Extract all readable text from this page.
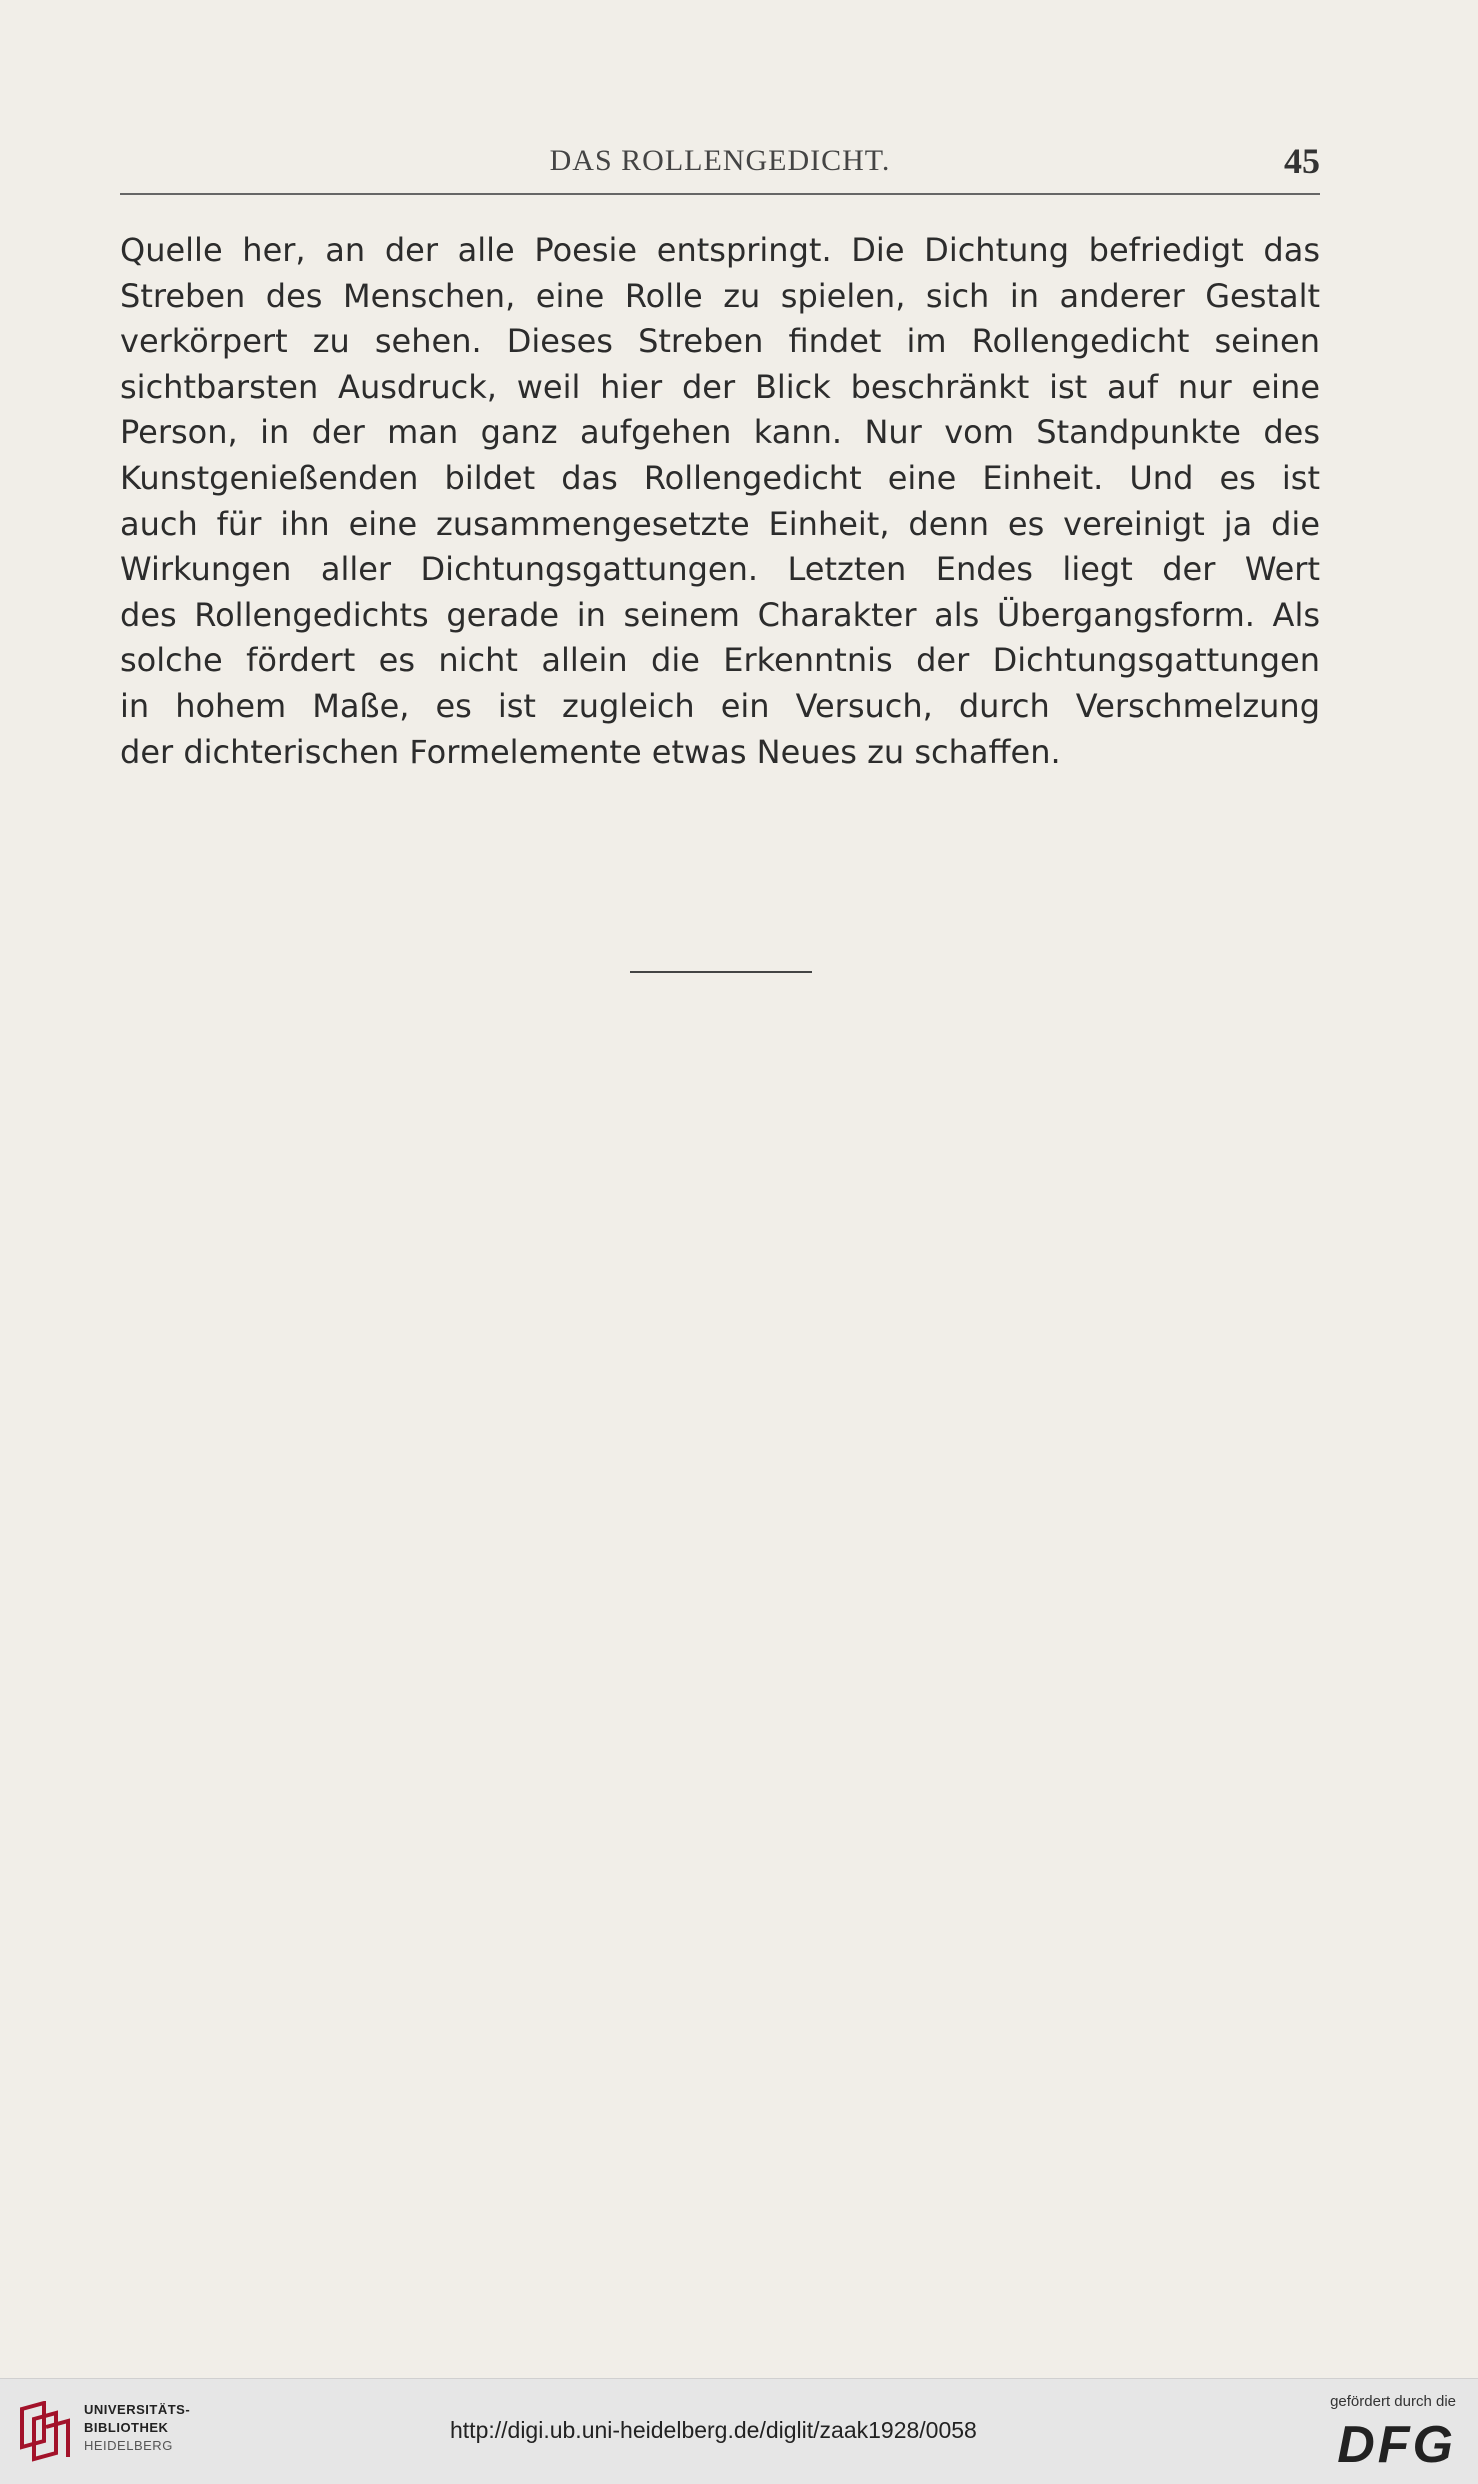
DAS ROLLENGEDICHT.	45
Quelle her, an der alle Poesie entspringt. Die Dichtung befriedigt das
Streben des Menschen, eine Rolle zu spielen, sich in anderer Gestalt
verkörpert zu sehen. Dieses Streben findet im Rollengedicht seinen
sichtbarsten Ausdruck, weil hier der Blick beschränkt ist auf nur eine
Person, in der man ganz aufgehen kann. Nur vom Standpunkte des
Kunstgenießenden bildet das Rollengedicht eine Einheit. Und es ist
auch für ihn eine zusammengesetzte Einheit, denn es vereinigt ja die
Wirkungen aller Dichtungsgattungen. Letzten Endes liegt der Wert
des Rollengedichts gerade in seinem Charakter als Übergangsform. Als
solche fördert es nicht allein die Erkenntnis der Dichtungsgattungen
in hohem Maße, es ist zugleich ein Versuch, durch Verschmelzung
der dichterischen Formelemente etwas Neues zu schaffen.
UNIVERSITÄTS-
BIBLIOTHEK
HEIDELBERG
http://digi.ub.uni-heidelberg.de/diglit/zaak1928/0058
gefördert durch die
DFG
